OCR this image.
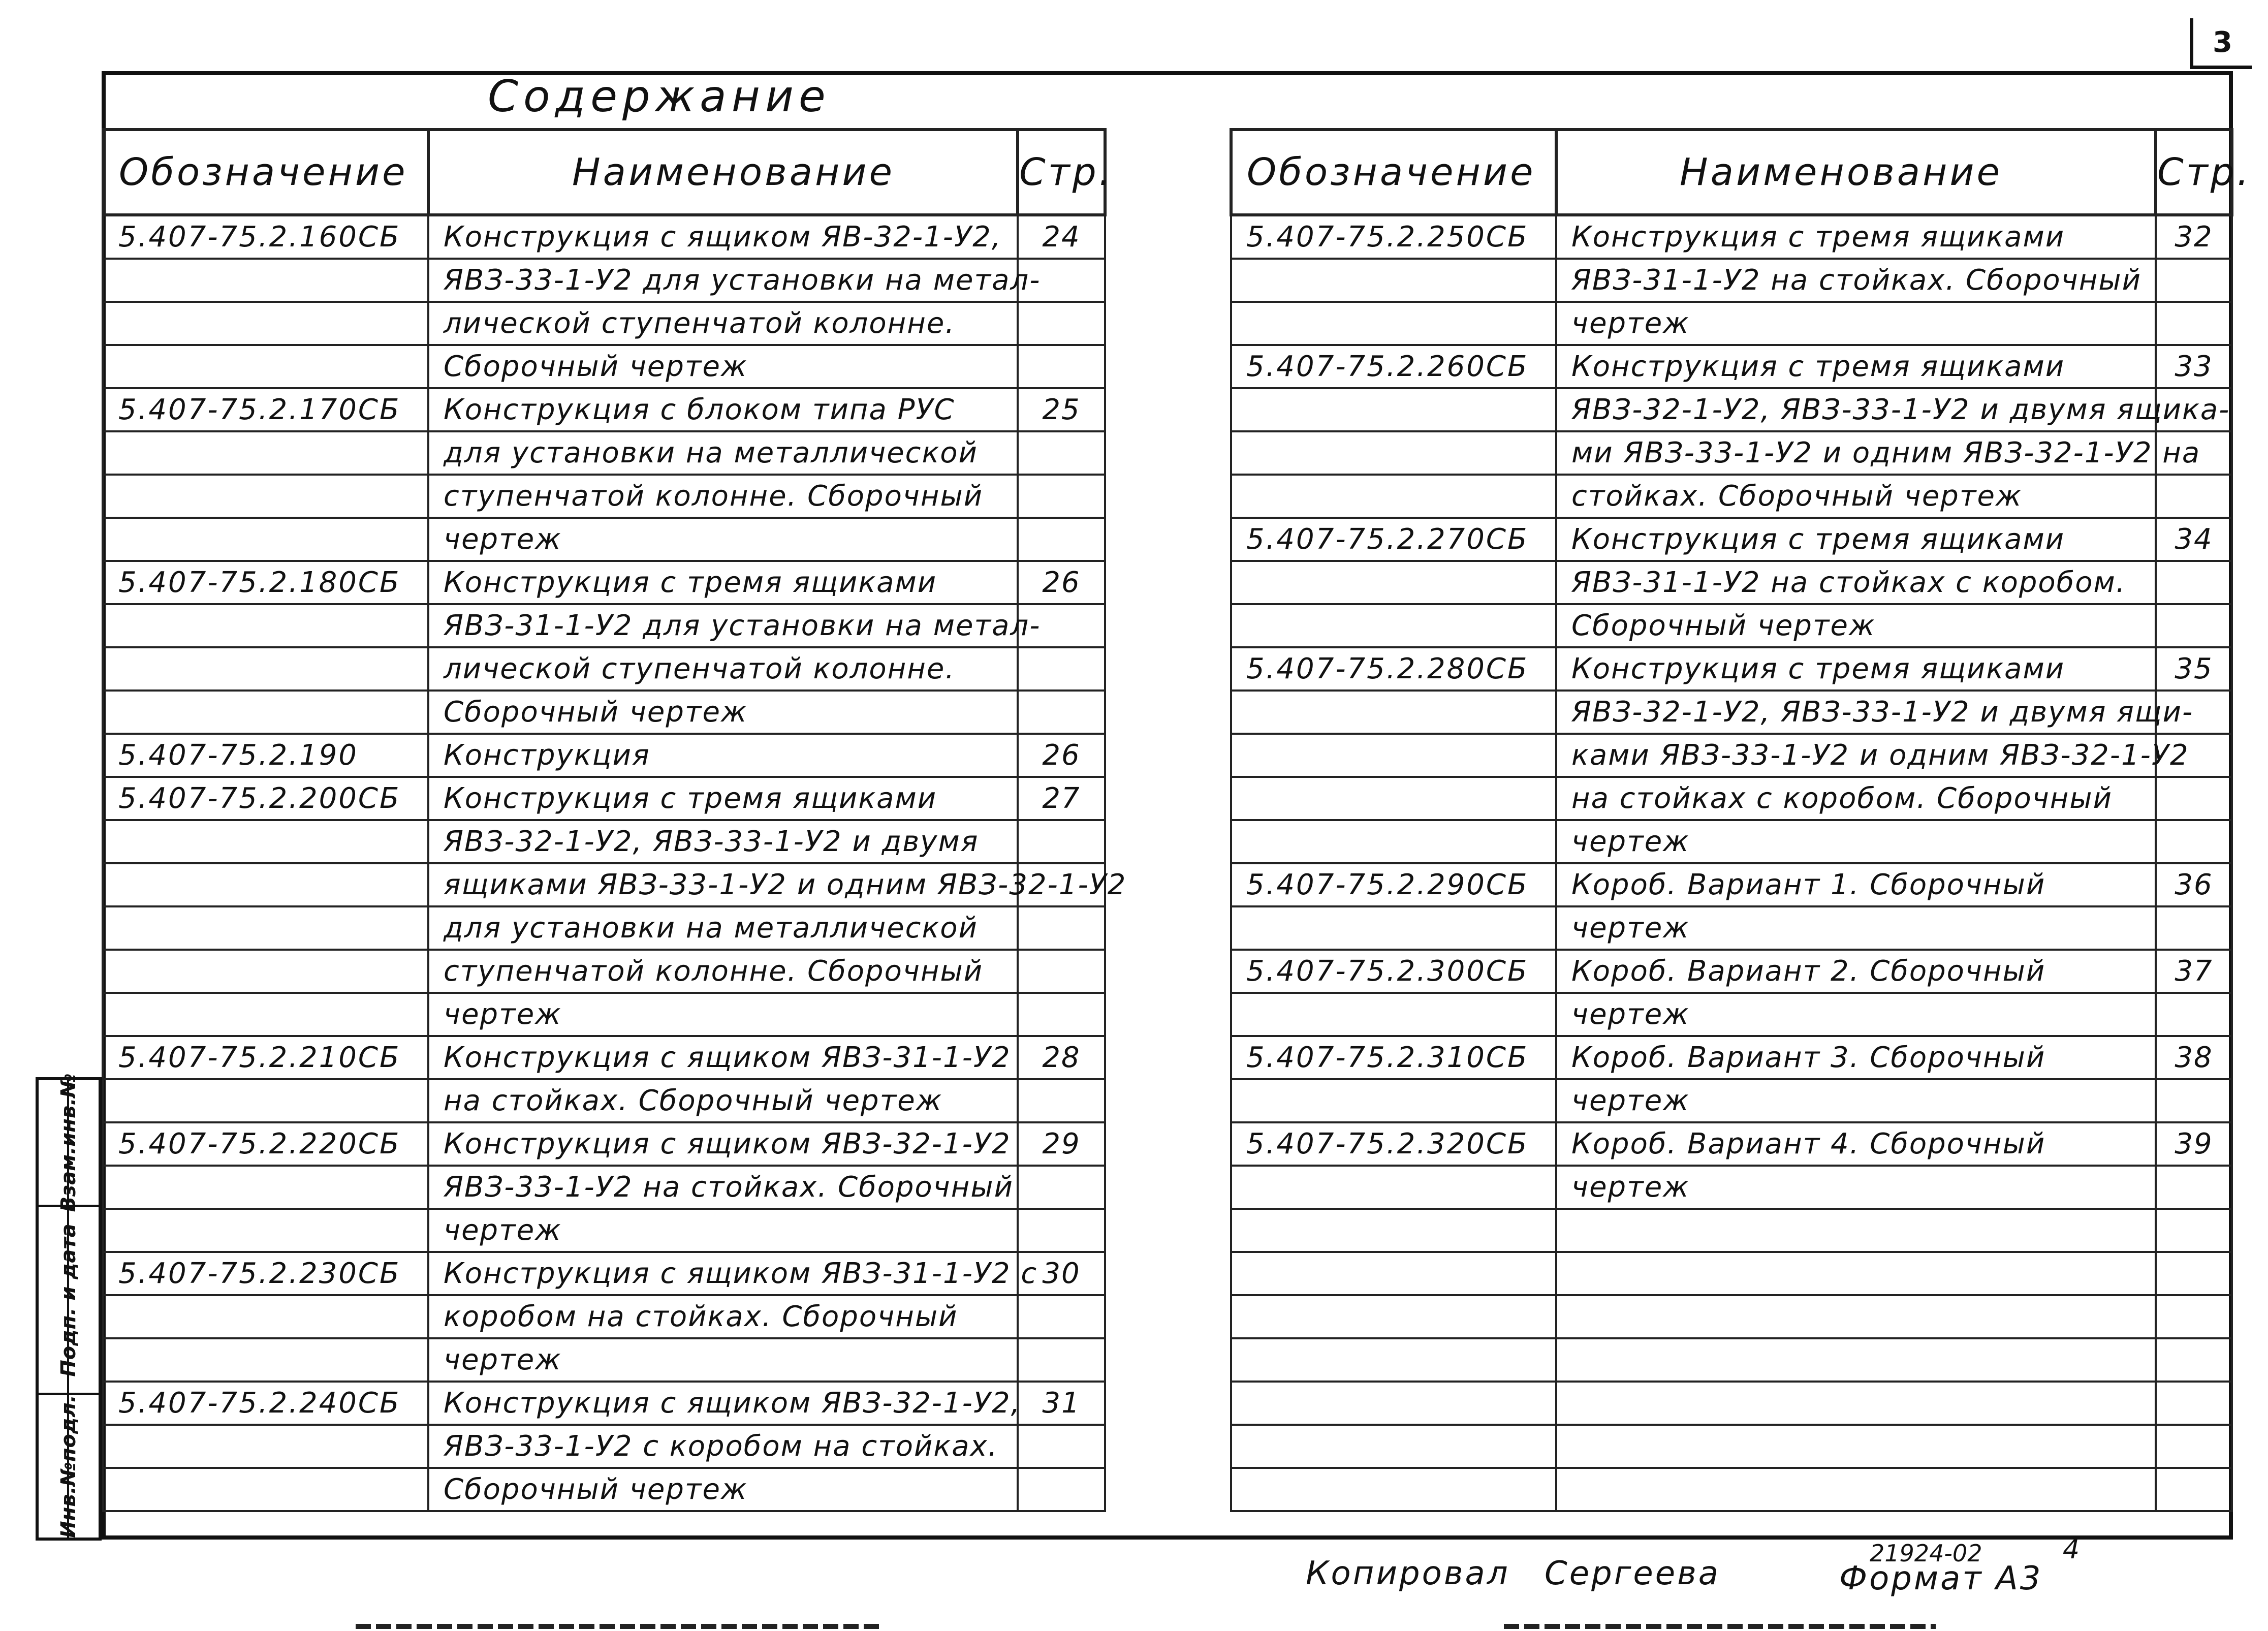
3
Содержание
Обозначение	Наименование	Стр.
5.407-75.2.160СБ	Конструкция с ящиком ЯВ-32-1-У2,	24
	ЯВЗ-33-1-У2 для установки на метал-	
	лической ступенчатой колонне.	
	Сборочный чертеж	
5.407-75.2.170СБ	Конструкция с блоком типа РУС	25
	для установки на металлической	
	ступенчатой колонне. Сборочный	
	чертеж	
5.407-75.2.180СБ	Конструкция с тремя ящиками	26
	ЯВЗ-31-1-У2 для установки на метал-	
	лической ступенчатой колонне.	
	Сборочный чертеж	
5.407-75.2.190	Конструкция	26
5.407-75.2.200СБ	Конструкция с тремя ящиками	27
	ЯВЗ-32-1-У2, ЯВЗ-33-1-У2 и двумя	
	ящиками ЯВЗ-33-1-У2 и одним ЯВЗ-32-1-У2	
	для установки на металлической	
	ступенчатой колонне. Сборочный	
	чертеж	
5.407-75.2.210СБ	Конструкция с ящиком ЯВЗ-31-1-У2	28
	на стойках. Сборочный чертеж	
5.407-75.2.220СБ	Конструкция с ящиком ЯВЗ-32-1-У2	29
	ЯВЗ-33-1-У2 на стойках. Сборочный	
	чертеж	
5.407-75.2.230СБ	Конструкция с ящиком ЯВЗ-31-1-У2 с	30
	коробом на стойках. Сборочный	
	чертеж	
5.407-75.2.240СБ	Конструкция с ящиком ЯВЗ-32-1-У2,	31
	ЯВЗ-33-1-У2 с коробом на стойках.	
	Сборочный чертеж	
Обозначение	Наименование	Стр.
5.407-75.2.250СБ	Конструкция с тремя ящиками	32
	ЯВЗ-31-1-У2 на стойках. Сборочный	
	чертеж	
5.407-75.2.260СБ	Конструкция с тремя ящиками	33
	ЯВЗ-32-1-У2, ЯВЗ-33-1-У2 и двумя ящика-	
	ми ЯВЗ-33-1-У2 и одним ЯВЗ-32-1-У2 на	
	стойках. Сборочный чертеж	
5.407-75.2.270СБ	Конструкция с тремя ящиками	34
	ЯВЗ-31-1-У2 на стойках с коробом.	
	Сборочный чертеж	
5.407-75.2.280СБ	Конструкция с тремя ящиками	35
	ЯВЗ-32-1-У2, ЯВЗ-33-1-У2 и двумя ящи-	
	ками ЯВЗ-33-1-У2 и одним ЯВЗ-32-1-У2	
	на стойках с коробом. Сборочный	
	чертеж	
5.407-75.2.290СБ	Короб. Вариант 1. Сборочный	36
	чертеж	
5.407-75.2.300СБ	Короб. Вариант 2. Сборочный	37
	чертеж	
5.407-75.2.310СБ	Короб. Вариант 3. Сборочный	38
	чертеж	
5.407-75.2.320СБ	Короб. Вариант 4. Сборочный	39
	чертеж	

Взам.инв.№
Подп. и дата
Инв.№подл.
Копировал Сергеева
21924-02	4
Формат А3
